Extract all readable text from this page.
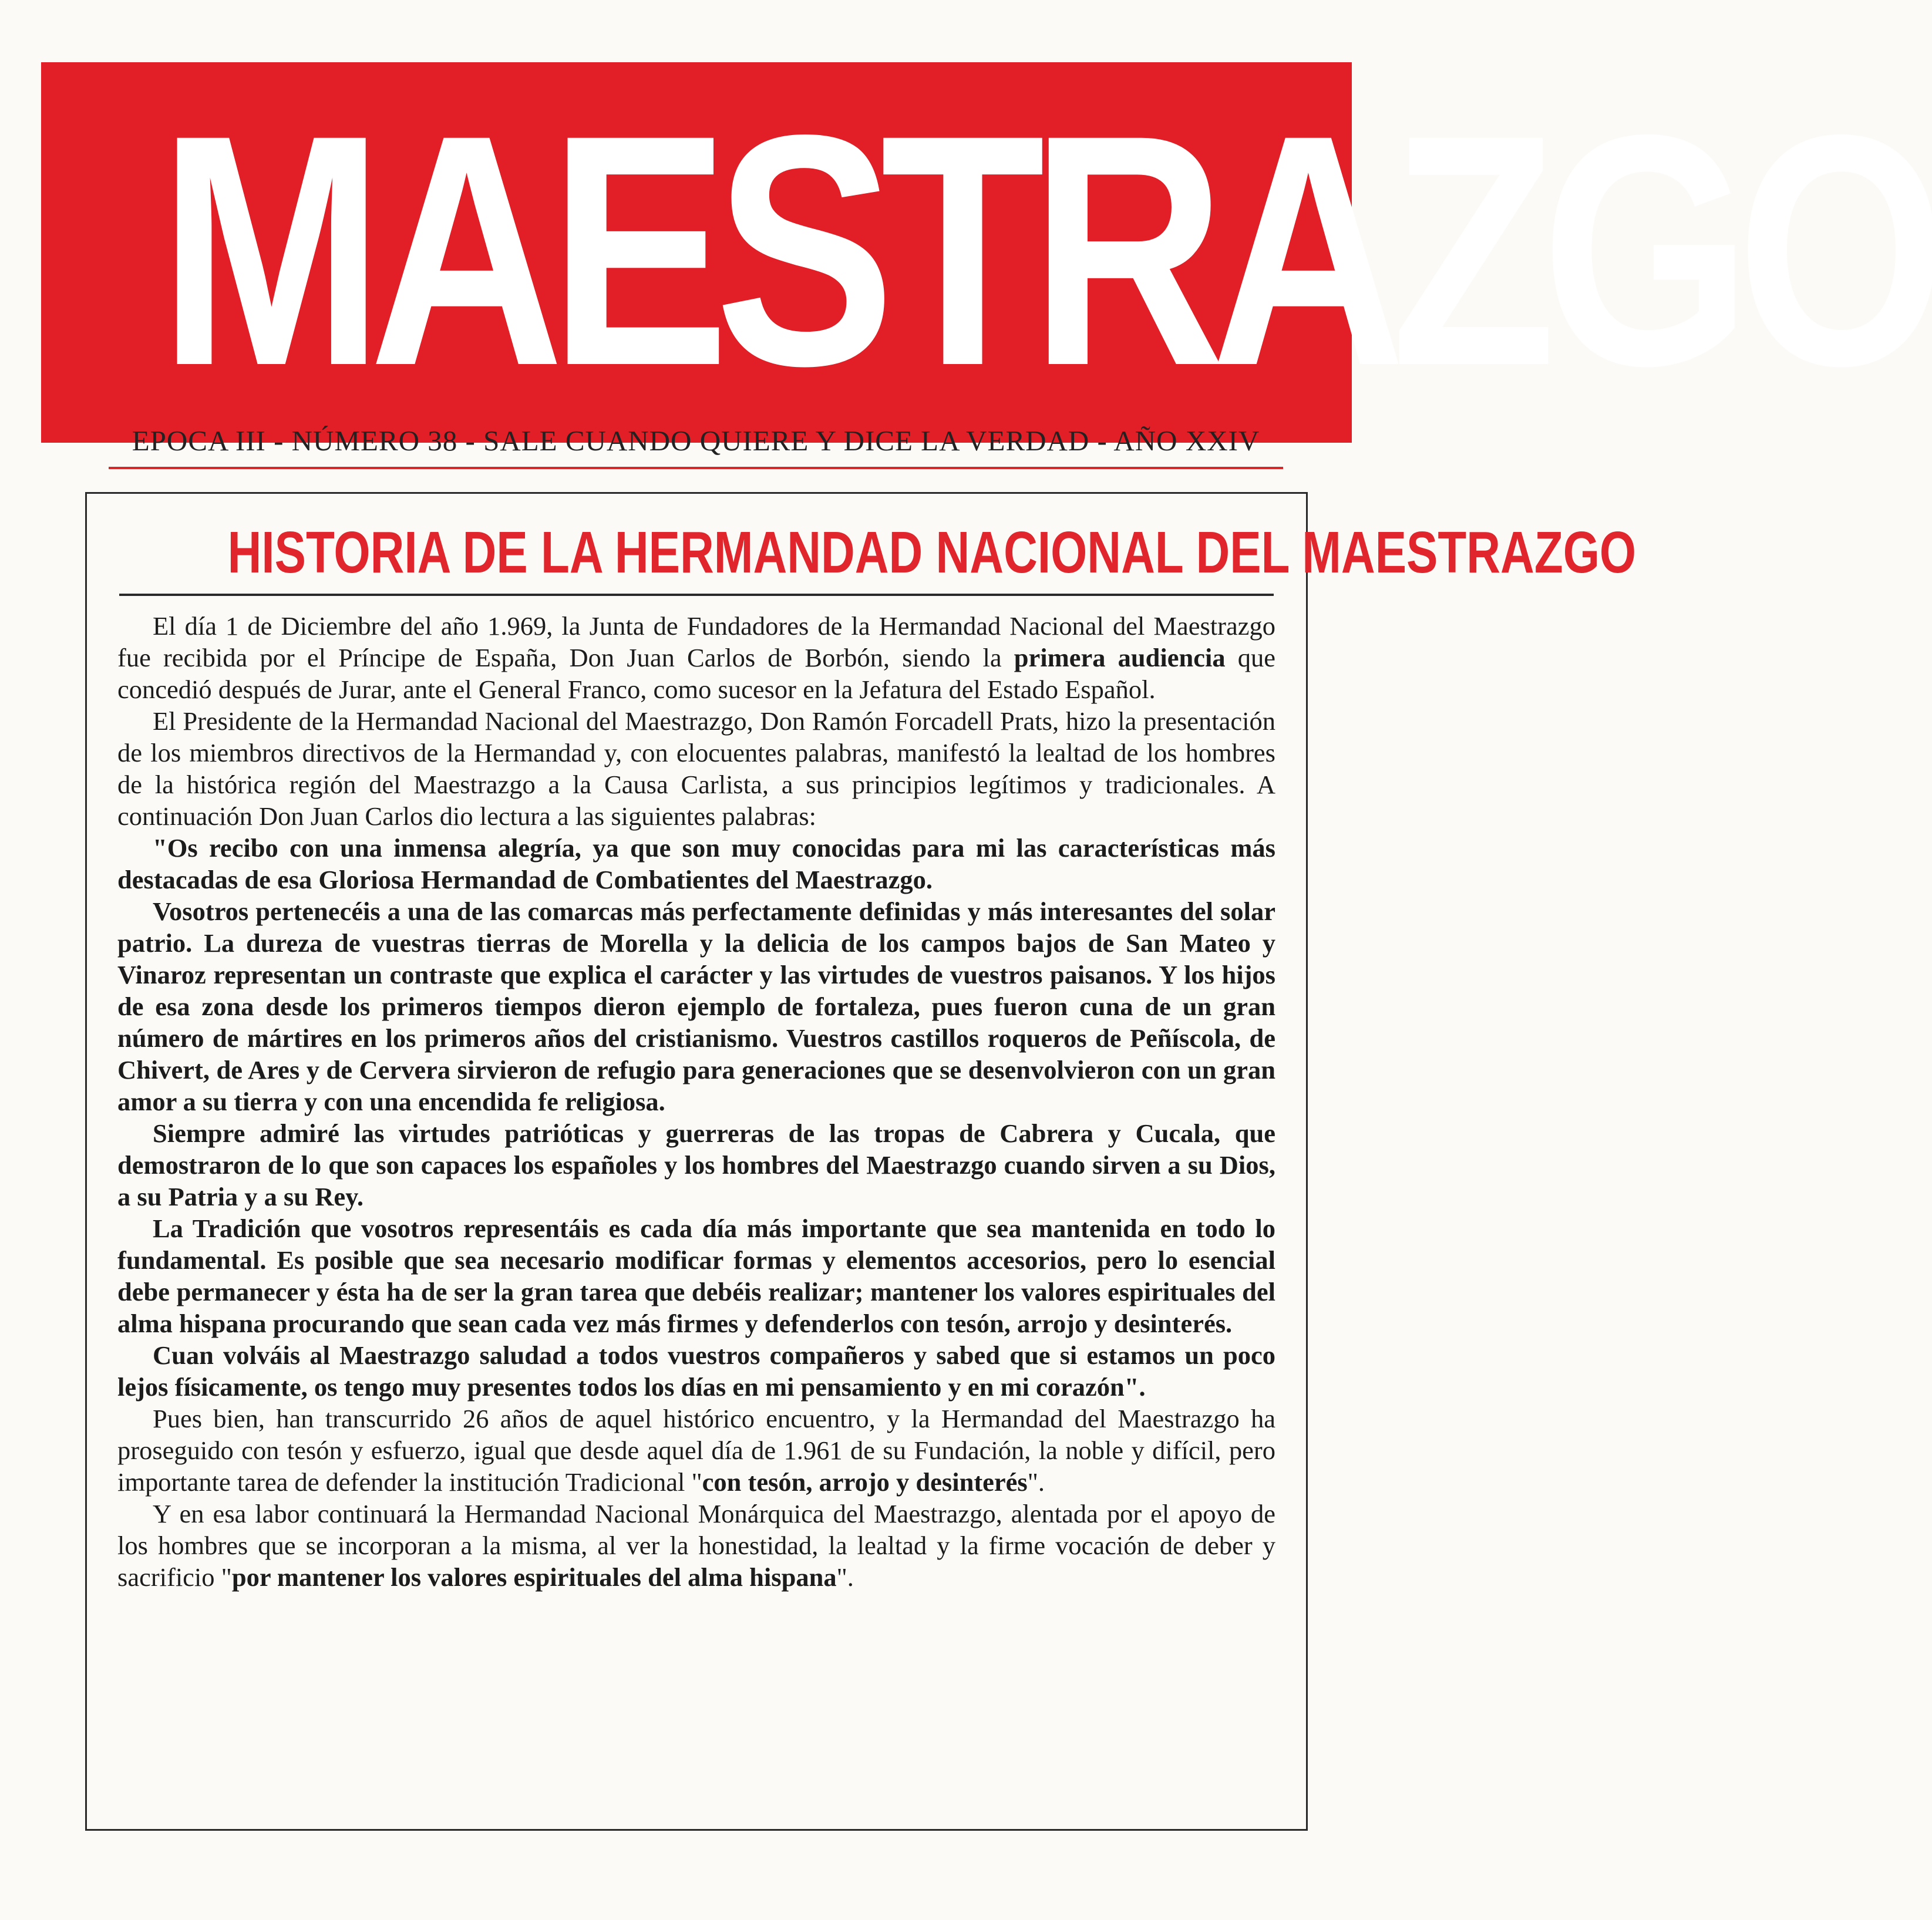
MAESTRAZGO
EPOCA III - NÚMERO 38 - SALE CUANDO QUIERE Y DICE LA VERDAD - AÑO XXIV
HISTORIA DE LA HERMANDAD NACIONAL DEL MAESTRAZGO

El día 1 de Diciembre del año 1.969, la Junta de Fundadores de la Hermandad Nacional del Maestrazgo fue recibida por el Príncipe de España, Don Juan Carlos de Borbón, siendo la primera audiencia que concedió después de Jurar, ante el General Franco, como sucesor en la Jefatura del Estado Español.

El Presidente de la Hermandad Nacional del Maestrazgo, Don Ramón Forcadell Prats, hizo la presentación de los miembros directivos de la Hermandad y, con elocuentes palabras, manifestó la lealtad de los hombres de la histórica región del Maestrazgo a la Causa Carlista, a sus principios legítimos y tradicionales. A continuación Don Juan Carlos dio lectura a las siguientes palabras:

"Os recibo con una inmensa alegría, ya que son muy conocidas para mi las características más destacadas de esa Gloriosa Hermandad de Combatientes del Maestrazgo.

Vosotros pertenecéis a una de las comarcas más perfectamente definidas y más interesantes del solar patrio. La dureza de vuestras tierras de Morella y la delicia de los campos bajos de San Mateo y Vinaroz representan un contraste que explica el carácter y las virtudes de vuestros paisanos. Y los hijos de esa zona desde los primeros tiempos dieron ejemplo de fortaleza, pues fueron cuna de un gran número de mártires en los primeros años del cristianismo. Vuestros castillos roqueros de Peñíscola, de Chivert, de Ares y de Cervera sirvieron de refugio para generaciones que se desenvolvieron con un gran amor a su tierra y con una encendida fe religiosa.

Siempre admiré las virtudes patrióticas y guerreras de las tropas de Cabrera y Cucala, que demostraron de lo que son capaces los españoles y los hombres del Maestrazgo cuando sirven a su Dios, a su Patria y a su Rey.

La Tradición que vosotros representáis es cada día más importante que sea mantenida en todo lo fundamental. Es posible que sea necesario modificar formas y elementos accesorios, pero lo esencial debe permanecer y ésta ha de ser la gran tarea que debéis realizar; mantener los valores espirituales del alma hispana procurando que sean cada vez más firmes y defenderlos con tesón, arrojo y desinterés.

Cuan volváis al Maestrazgo saludad a todos vuestros compañeros y sabed que si estamos un poco lejos físicamente, os tengo muy presentes todos los días en mi pensamiento y en mi corazón".

Pues bien, han transcurrido 26 años de aquel histórico encuentro, y la Hermandad del Maestrazgo ha proseguido con tesón y esfuerzo, igual que desde aquel día de 1.961 de su Fundación, la noble y difícil, pero importante tarea de defender la institución Tradicional "con tesón, arrojo y desinterés".

Y en esa labor continuará la Hermandad Nacional Monárquica del Maestrazgo, alentada por el apoyo de los hombres que se incorporan a la misma, al ver la honestidad, la lealtad y la firme vocación de deber y sacrificio "por mantener los valores espirituales del alma hispana".
